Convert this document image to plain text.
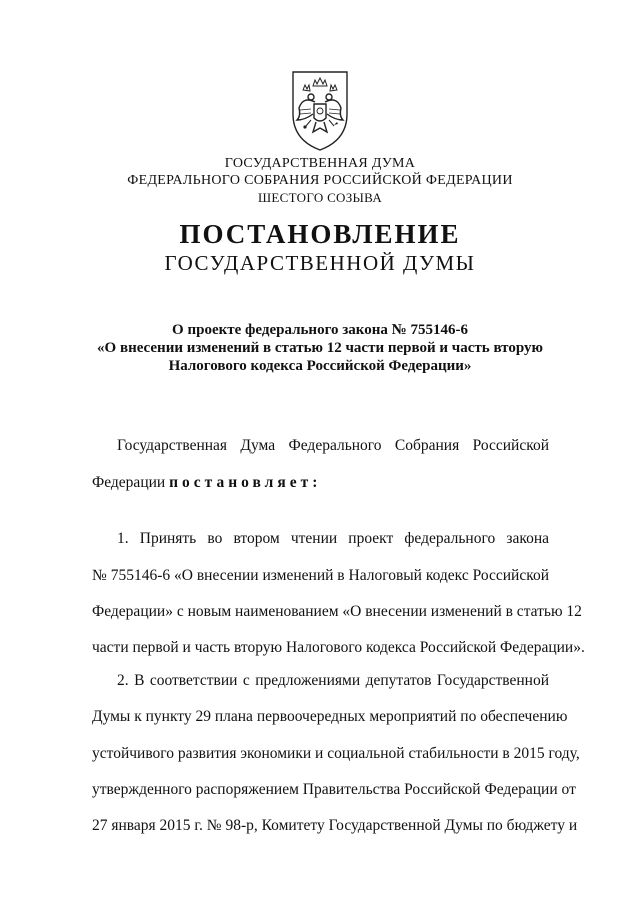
ГОСУДАРСТВЕННАЯ ДУМА
ФЕДЕРАЛЬНОГО СОБРАНИЯ РОССИЙСКОЙ ФЕДЕРАЦИИ
ШЕСТОГО СОЗЫВА
ПОСТАНОВЛЕНИЕ
ГОСУДАРСТВЕННОЙ ДУМЫ
О проекте федерального закона № 755146-6
«О внесении изменений в статью 12 части первой и часть вторую
Налогового кодекса Российской Федерации»
Государственная Дума Федерального Собрания Российской
Федерации постановляет:
1. Принять во втором чтении проект федерального закона
№ 755146-6 «О внесении изменений в Налоговый кодекс Российской
Федерации» с новым наименованием «О внесении изменений в статью 12
части первой и часть вторую Налогового кодекса Российской Федерации».
2. В соответствии с предложениями депутатов Государственной
Думы к пункту 29 плана первоочередных мероприятий по обеспечению
устойчивого развития экономики и социальной стабильности в 2015 году,
утвержденного распоряжением Правительства Российской Федерации от
27 января 2015 г. № 98-р, Комитету Государственной Думы по бюджету и
